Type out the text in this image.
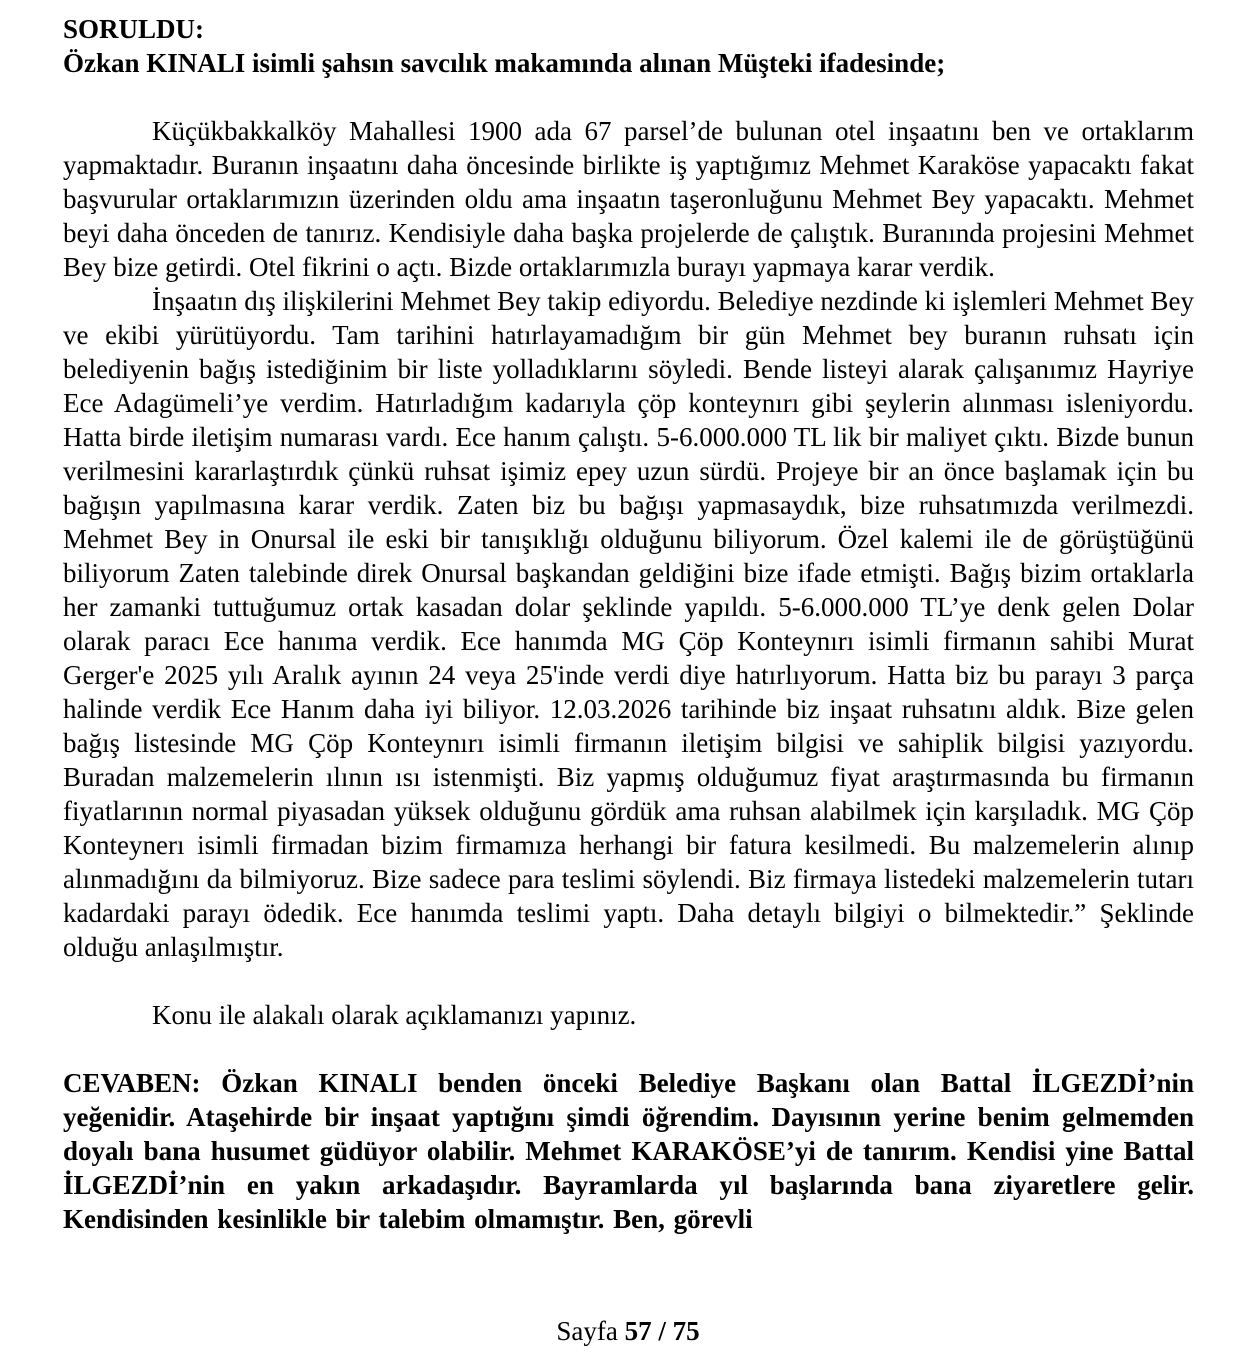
SORULDU:
Özkan KINALI isimli şahsın savcılık makamında alınan Müşteki ifadesinde;

Küçükbakkalköy Mahallesi 1900 ada 67 parsel’de bulunan otel inşaatını ben ve ortaklarım yapmaktadır. Buranın inşaatını daha öncesinde birlikte iş yaptığımız Mehmet Karaköse yapacaktı fakat başvurular ortaklarımızın üzerinden oldu ama inşaatın taşeronluğunu Mehmet Bey yapacaktı. Mehmet beyi daha önceden de tanırız. Kendisiyle daha başka projelerde de çalıştık. Buranında projesini Mehmet Bey bize getirdi. Otel fikrini o açtı. Bizde ortaklarımızla burayı yapmaya karar verdik.

İnşaatın dış ilişkilerini Mehmet Bey takip ediyordu. Belediye nezdinde ki işlemleri Mehmet Bey ve ekibi yürütüyordu. Tam tarihini hatırlayamadığım bir gün Mehmet bey buranın ruhsatı için belediyenin bağış istediğinim bir liste yolladıklarını söyledi. Bende listeyi alarak çalışanımız Hayriye Ece Adagümeli’ye verdim. Hatırladığım kadarıyla çöp konteynırı gibi şeylerin alınması isleniyordu. Hatta birde iletişim numarası vardı. Ece hanım çalıştı. 5-6.000.000 TL lik bir maliyet çıktı. Bizde bunun verilmesini kararlaştırdık çünkü ruhsat işimiz epey uzun sürdü. Projeye bir an önce başlamak için bu bağışın yapılmasına karar verdik. Zaten biz bu bağışı yapmasaydık, bize ruhsatımızda verilmezdi. Mehmet Bey in Onursal ile eski bir tanışıklığı olduğunu biliyorum. Özel kalemi ile de görüştüğünü biliyorum Zaten talebinde direk Onursal başkandan geldiğini bize ifade etmişti. Bağış bizim ortaklarla her zamanki tuttuğumuz ortak kasadan dolar şeklinde yapıldı. 5-6.000.000 TL’ye denk gelen Dolar olarak paracı Ece hanıma verdik. Ece hanımda MG Çöp Konteynırı isimli firmanın sahibi Murat Gerger'e 2025 yılı Aralık ayının 24 veya 25'inde verdi diye hatırlıyorum. Hatta biz bu parayı 3 parça halinde verdik Ece Hanım daha iyi biliyor. 12.03.2026 tarihinde biz inşaat ruhsatını aldık. Bize gelen bağış listesinde MG Çöp Konteynırı isimli firmanın iletişim bilgisi ve sahiplik bilgisi yazıyordu. Buradan malzemelerin ılının ısı istenmişti. Biz yapmış olduğumuz fiyat araştırmasında bu firmanın fiyatlarının normal piyasadan yüksek olduğunu gördük ama ruhsan alabilmek için karşıladık. MG Çöp Konteynerı isimli firmadan bizim firmamıza herhangi bir fatura kesilmedi. Bu malzemelerin alınıp alınmadığını da bilmiyoruz. Bize sadece para teslimi söylendi. Biz firmaya listedeki malzemelerin tutarı kadardaki parayı ödedik. Ece hanımda teslimi yaptı. Daha detaylı bilgiyi o bilmektedir.” Şeklinde olduğu anlaşılmıştır.

Konu ile alakalı olarak açıklamanızı yapınız.

CEVABEN: Özkan KINALI benden önceki Belediye Başkanı olan Battal İLGEZDİ’nin yeğenidir. Ataşehirde bir inşaat yaptığını şimdi öğrendim. Dayısının yerine benim gelmemden doyalı bana husumet güdüyor olabilir. Mehmet KARAKÖSE’yi de tanırım. Kendisi yine Battal İLGEZDİ’nin en yakın arkadaşıdır. Bayramlarda yıl başlarında bana ziyaretlere gelir. Kendisinden kesinlikle bir talebim olmamıştır. Ben, görevli

Sayfa 57 / 75
